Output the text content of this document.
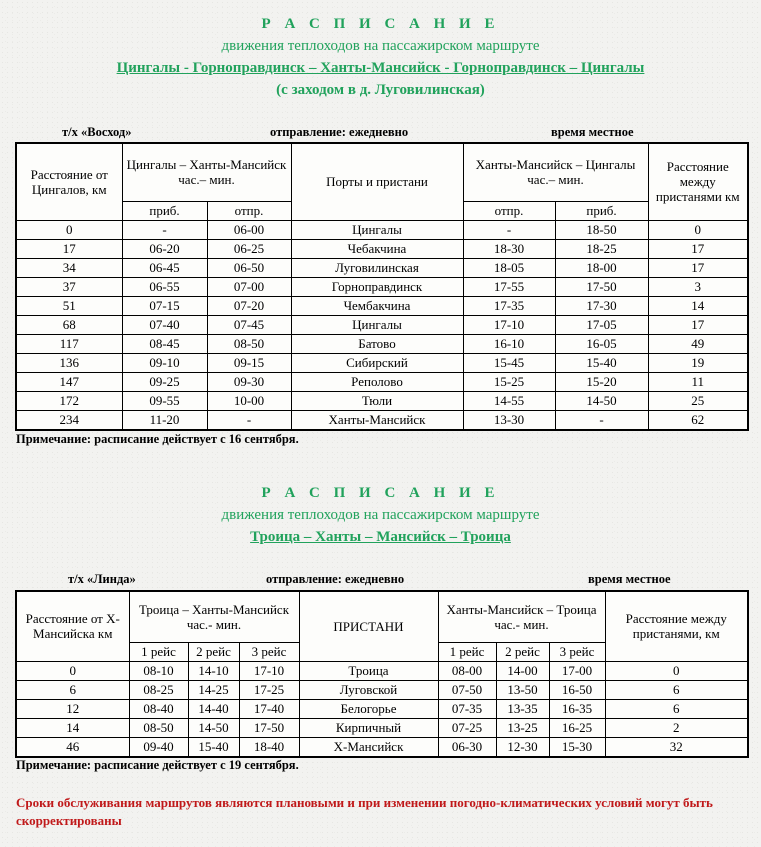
Р А С П И С А Н И Е
движения теплоходов на пассажирском маршруте
Цингалы - Горноправдинск – Ханты-Мансийск - Горноправдинск – Цингалы
(с заходом в д. Луговилинская)
т/х «Восход»	отправление: ежедневно	время местное
Расстояние от Цингалов, км	Цингалы – Ханты-Мансийск час.– мин.		Порты и пристани	Ханты-Мансийск – Цингалы час.– мин.		Расстояние между пристанями км
	приб.	отпр.		отпр.	приб.	
0	-	06-00	Цингалы	-	18-50	0
17	06-20	06-25	Чебакчина	18-30	18-25	17
34	06-45	06-50	Луговилинская	18-05	18-00	17
37	06-55	07-00	Горноправдинск	17-55	17-50	3
51	07-15	07-20	Чембакчина	17-35	17-30	14
68	07-40	07-45	Цингалы	17-10	17-05	17
117	08-45	08-50	Батово	16-10	16-05	49
136	09-10	09-15	Сибирский	15-45	15-40	19
147	09-25	09-30	Реполово	15-25	15-20	11
172	09-55	10-00	Тюли	14-55	14-50	25
234	11-20	-	Ханты-Мансийск	13-30	-	62
Примечание: расписание действует с 16 сентября.
Р А С П И С А Н И Е
движения теплоходов на пассажирском маршруте
Троица – Ханты – Мансийск – Троица
т/х «Линда»	отправление: ежедневно	время местное
Расстояние от Х-Мансийска км	Троица – Ханты-Мансийск час.- мин.			ПРИСТАНИ	Ханты-Мансийск – Троица час.- мин.			Расстояние между пристанями, км
	1 рейс	2 рейс	3 рейс		1 рейс	2 рейс	3 рейс	
0	08-10	14-10	17-10	Троица	08-00	14-00	17-00	0
6	08-25	14-25	17-25	Луговской	07-50	13-50	16-50	6
12	08-40	14-40	17-40	Белогорье	07-35	13-35	16-35	6
14	08-50	14-50	17-50	Кирпичный	07-25	13-25	16-25	2
46	09-40	15-40	18-40	Х-Мансийск	06-30	12-30	15-30	32
Примечание: расписание действует с 19 сентября.
Сроки обслуживания маршрутов являются плановыми и при изменении погодно-климатических условий могут быть скорректированы
